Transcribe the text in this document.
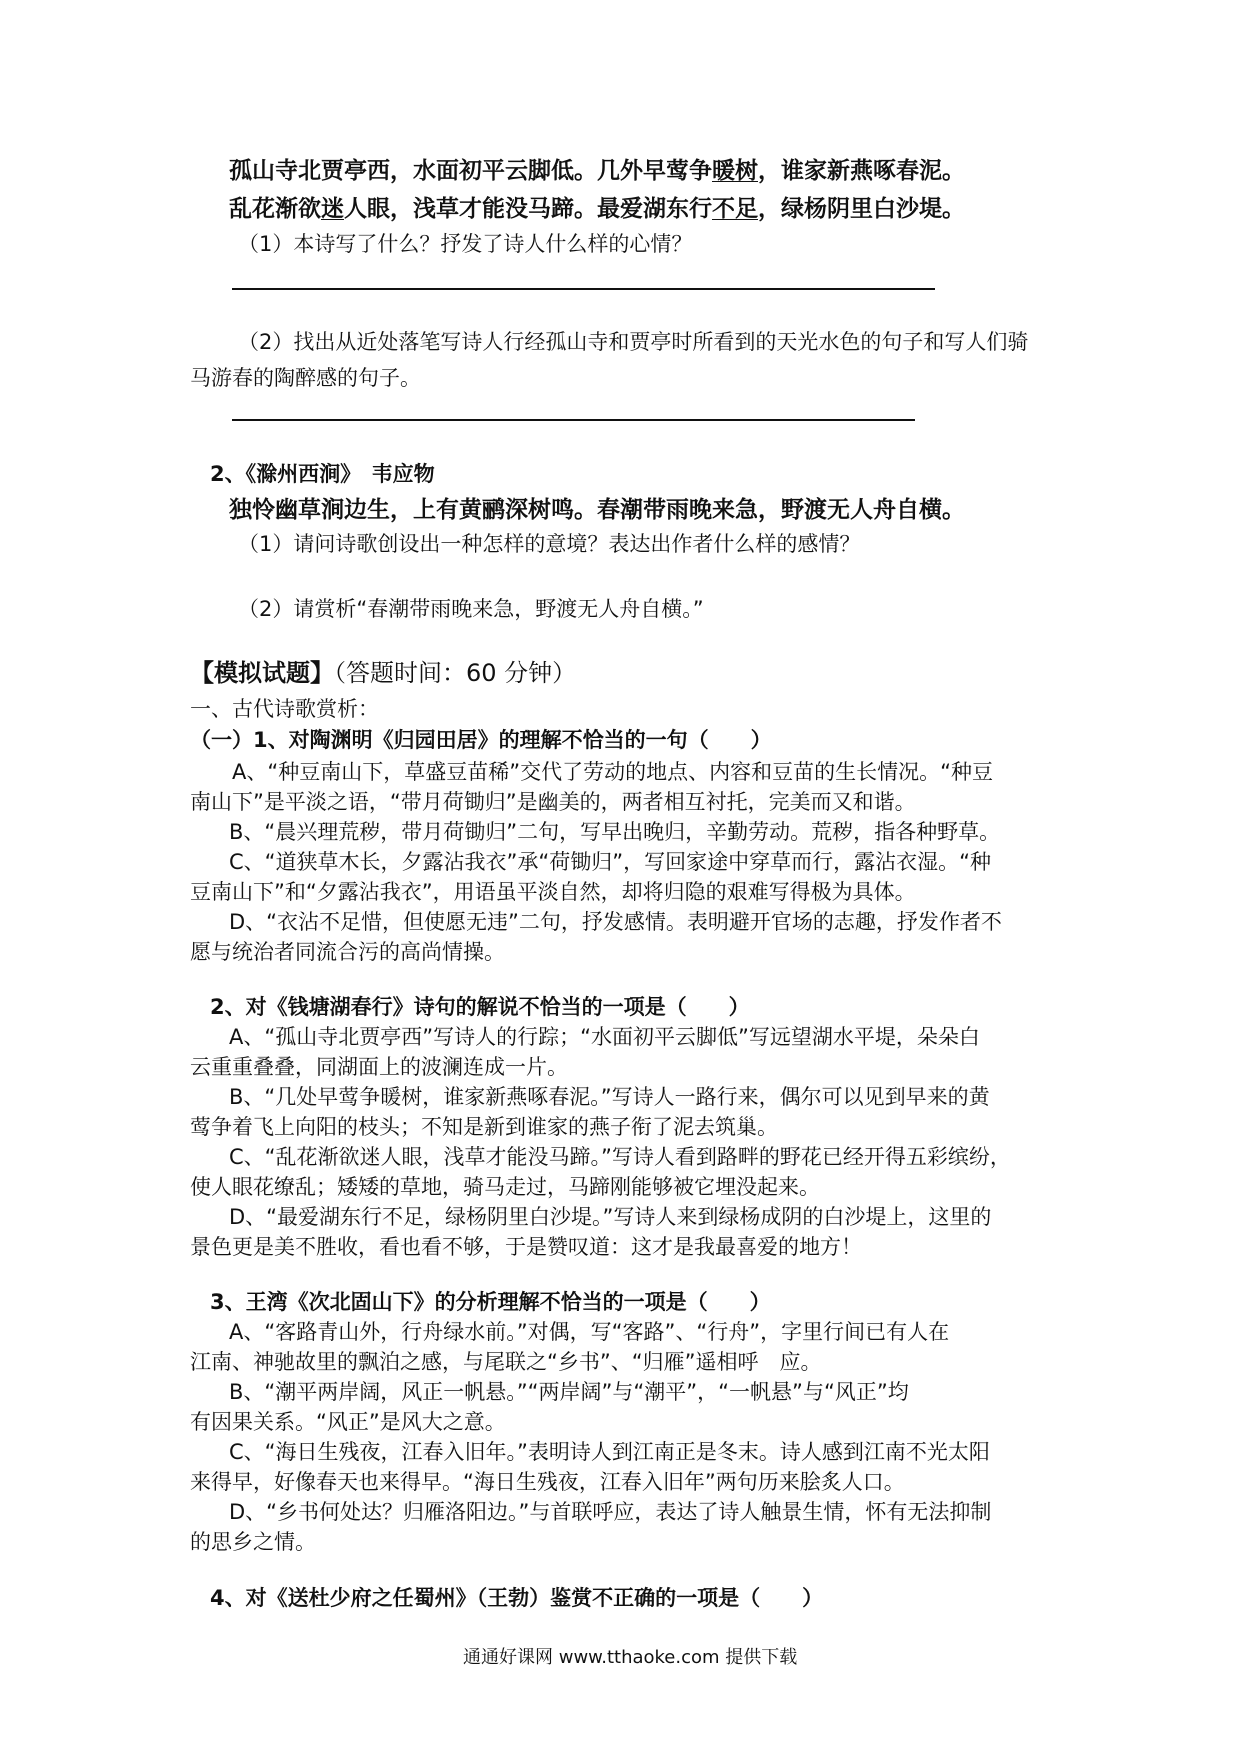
孤山寺北贾亭西，水面初平云脚低。几外早莺争暖树，谁家新燕啄春泥。
乱花渐欲迷人眼，浅草才能没马蹄。最爱湖东行不足，绿杨阴里白沙堤。
（1）本诗写了什么？抒发了诗人什么样的心情？
（2）找出从近处落笔写诗人行经孤山寺和贾亭时所看到的天光水色的句子和写人们骑
马游春的陶醉感的句子。
2、《滁州西涧》　韦应物
独怜幽草涧边生，上有黄鹂深树鸣。春潮带雨晚来急，野渡无人舟自横。
（1）请问诗歌创设出一种怎样的意境？表达出作者什么样的感情？
（2）请赏析“春潮带雨晚来急，野渡无人舟自横。”
【模拟试题】（答题时间：60 分钟）
一、古代诗歌赏析：
（一）1、对陶渊明《归园田居》的理解不恰当的一句（　　）
A、“种豆南山下，草盛豆苗稀”交代了劳动的地点、内容和豆苗的生长情况。“种豆
南山下”是平淡之语，“带月荷锄归”是幽美的，两者相互衬托，完美而又和谐。
B、“晨兴理荒秽，带月荷锄归”二句，写早出晚归，辛勤劳动。荒秽，指各种野草。
C、“道狭草木长，夕露沾我衣”承“荷锄归”，写回家途中穿草而行，露沾衣湿。“种
豆南山下”和“夕露沾我衣”，用语虽平淡自然，却将归隐的艰难写得极为具体。
D、“衣沾不足惜，但使愿无违”二句，抒发感情。表明避开官场的志趣，抒发作者不
愿与统治者同流合污的高尚情操。
2、对《钱塘湖春行》诗句的解说不恰当的一项是（　　）
A、“孤山寺北贾亭西”写诗人的行踪；“水面初平云脚低”写远望湖水平堤，朵朵白
云重重叠叠，同湖面上的波澜连成一片。
B、“几处早莺争暖树，谁家新燕啄春泥。”写诗人一路行来，偶尔可以见到早来的黄
莺争着飞上向阳的枝头；不知是新到谁家的燕子衔了泥去筑巢。
C、“乱花渐欲迷人眼，浅草才能没马蹄。”写诗人看到路畔的野花已经开得五彩缤纷，
使人眼花缭乱；矮矮的草地，骑马走过，马蹄刚能够被它埋没起来。
D、“最爱湖东行不足，绿杨阴里白沙堤。”写诗人来到绿杨成阴的白沙堤上，这里的
景色更是美不胜收，看也看不够，于是赞叹道：这才是我最喜爱的地方！
3、王湾《次北固山下》的分析理解不恰当的一项是（　　）
A、“客路青山外，行舟绿水前。”对偶，写“客路”、“行舟”，字里行间已有人在
江南、神驰故里的飘泊之感，与尾联之“乡书”、“归雁”遥相呼　应。
B、“潮平两岸阔，风正一帆悬。”“两岸阔”与“潮平”，“一帆悬”与“风正”均
有因果关系。“风正”是风大之意。
C、“海日生残夜，江春入旧年。”表明诗人到江南正是冬末。诗人感到江南不光太阳
来得早，好像春天也来得早。“海日生残夜，江春入旧年”两句历来脍炙人口。
D、“乡书何处达？归雁洛阳边。”与首联呼应，表达了诗人触景生情，怀有无法抑制
的思乡之情。
4、对《送杜少府之任蜀州》（王勃）鉴赏不正确的一项是（　　）
通通好课网 www.tthaoke.com 提供下载
